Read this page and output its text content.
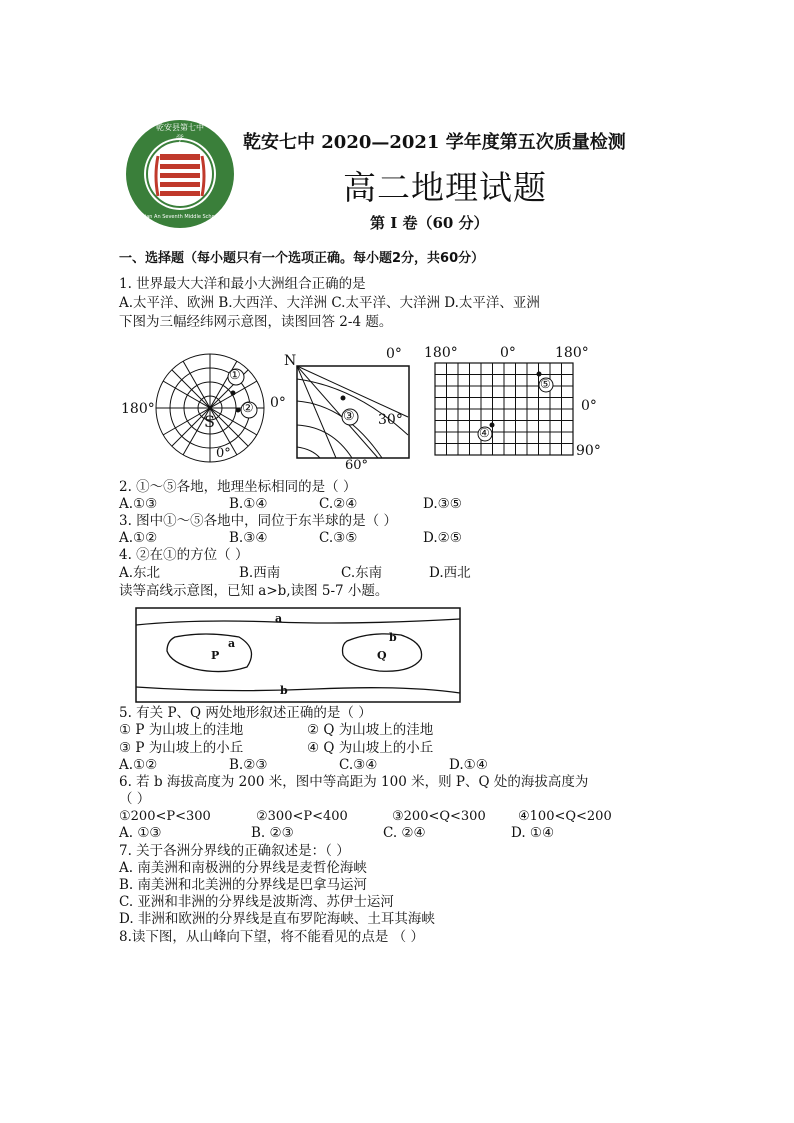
乾安县第七中学
Qian An Seventh Middle School
乾安七中 2020—2021 学年度第五次质量检测
高二地理试题
第 I 卷（60 分）
一、选择题（每小题只有一个选项正确。每小题2分，共60分）
1. 世界最大大洋和最小大洲组合正确的是
A.太平洋、欧洲 B.大西洋、大洋洲 C.太平洋、大洋洲 D.太平洋、亚洲
下图为三幅经纬网示意图，读图回答 2-4 题。
①
②
S
180°	0°
0°
N	0°
③ 30°
60°
180°	0°	180°
⑤
④
0°
90°
2. ①～⑤各地，地理坐标相同的是（ ）
A.①③	B.①④	C.②④	D.③⑤
3. 图中①～⑤各地中，同位于东半球的是（ ）
A.①②	B.③④	C.③⑤	D.②⑤
4. ②在①的方位（ ）
A.东北	B.西南	C.东南	D.西北
读等高线示意图，已知 a>b,读图 5-7 小题。
a
a
P
b
Q
b
5. 有关 P、Q 两处地形叙述正确的是（ ）
① P 为山坡上的洼地	② Q 为山坡上的洼地
③ P 为山坡上的小丘	④ Q 为山坡上的小丘
A.①②	B.②③	C.③④	D.①④
6. 若 b 海拔高度为 200 米，图中等高距为 100 米，则 P、Q 处的海拔高度为
（ ）
①200<P<300	②300<P<400	③200<Q<300 ④100<Q<200
A. ①③	B. ②③	C. ②④	D. ①④
7. 关于各洲分界线的正确叙述是：（ ）
A. 南美洲和南极洲的分界线是麦哲伦海峡
B. 南美洲和北美洲的分界线是巴拿马运河
C. 亚洲和非洲的分界线是波斯湾、苏伊士运河
D. 非洲和欧洲的分界线是直布罗陀海峡、土耳其海峡
8.读下图，从山峰向下望，将不能看见的点是 （ ）
